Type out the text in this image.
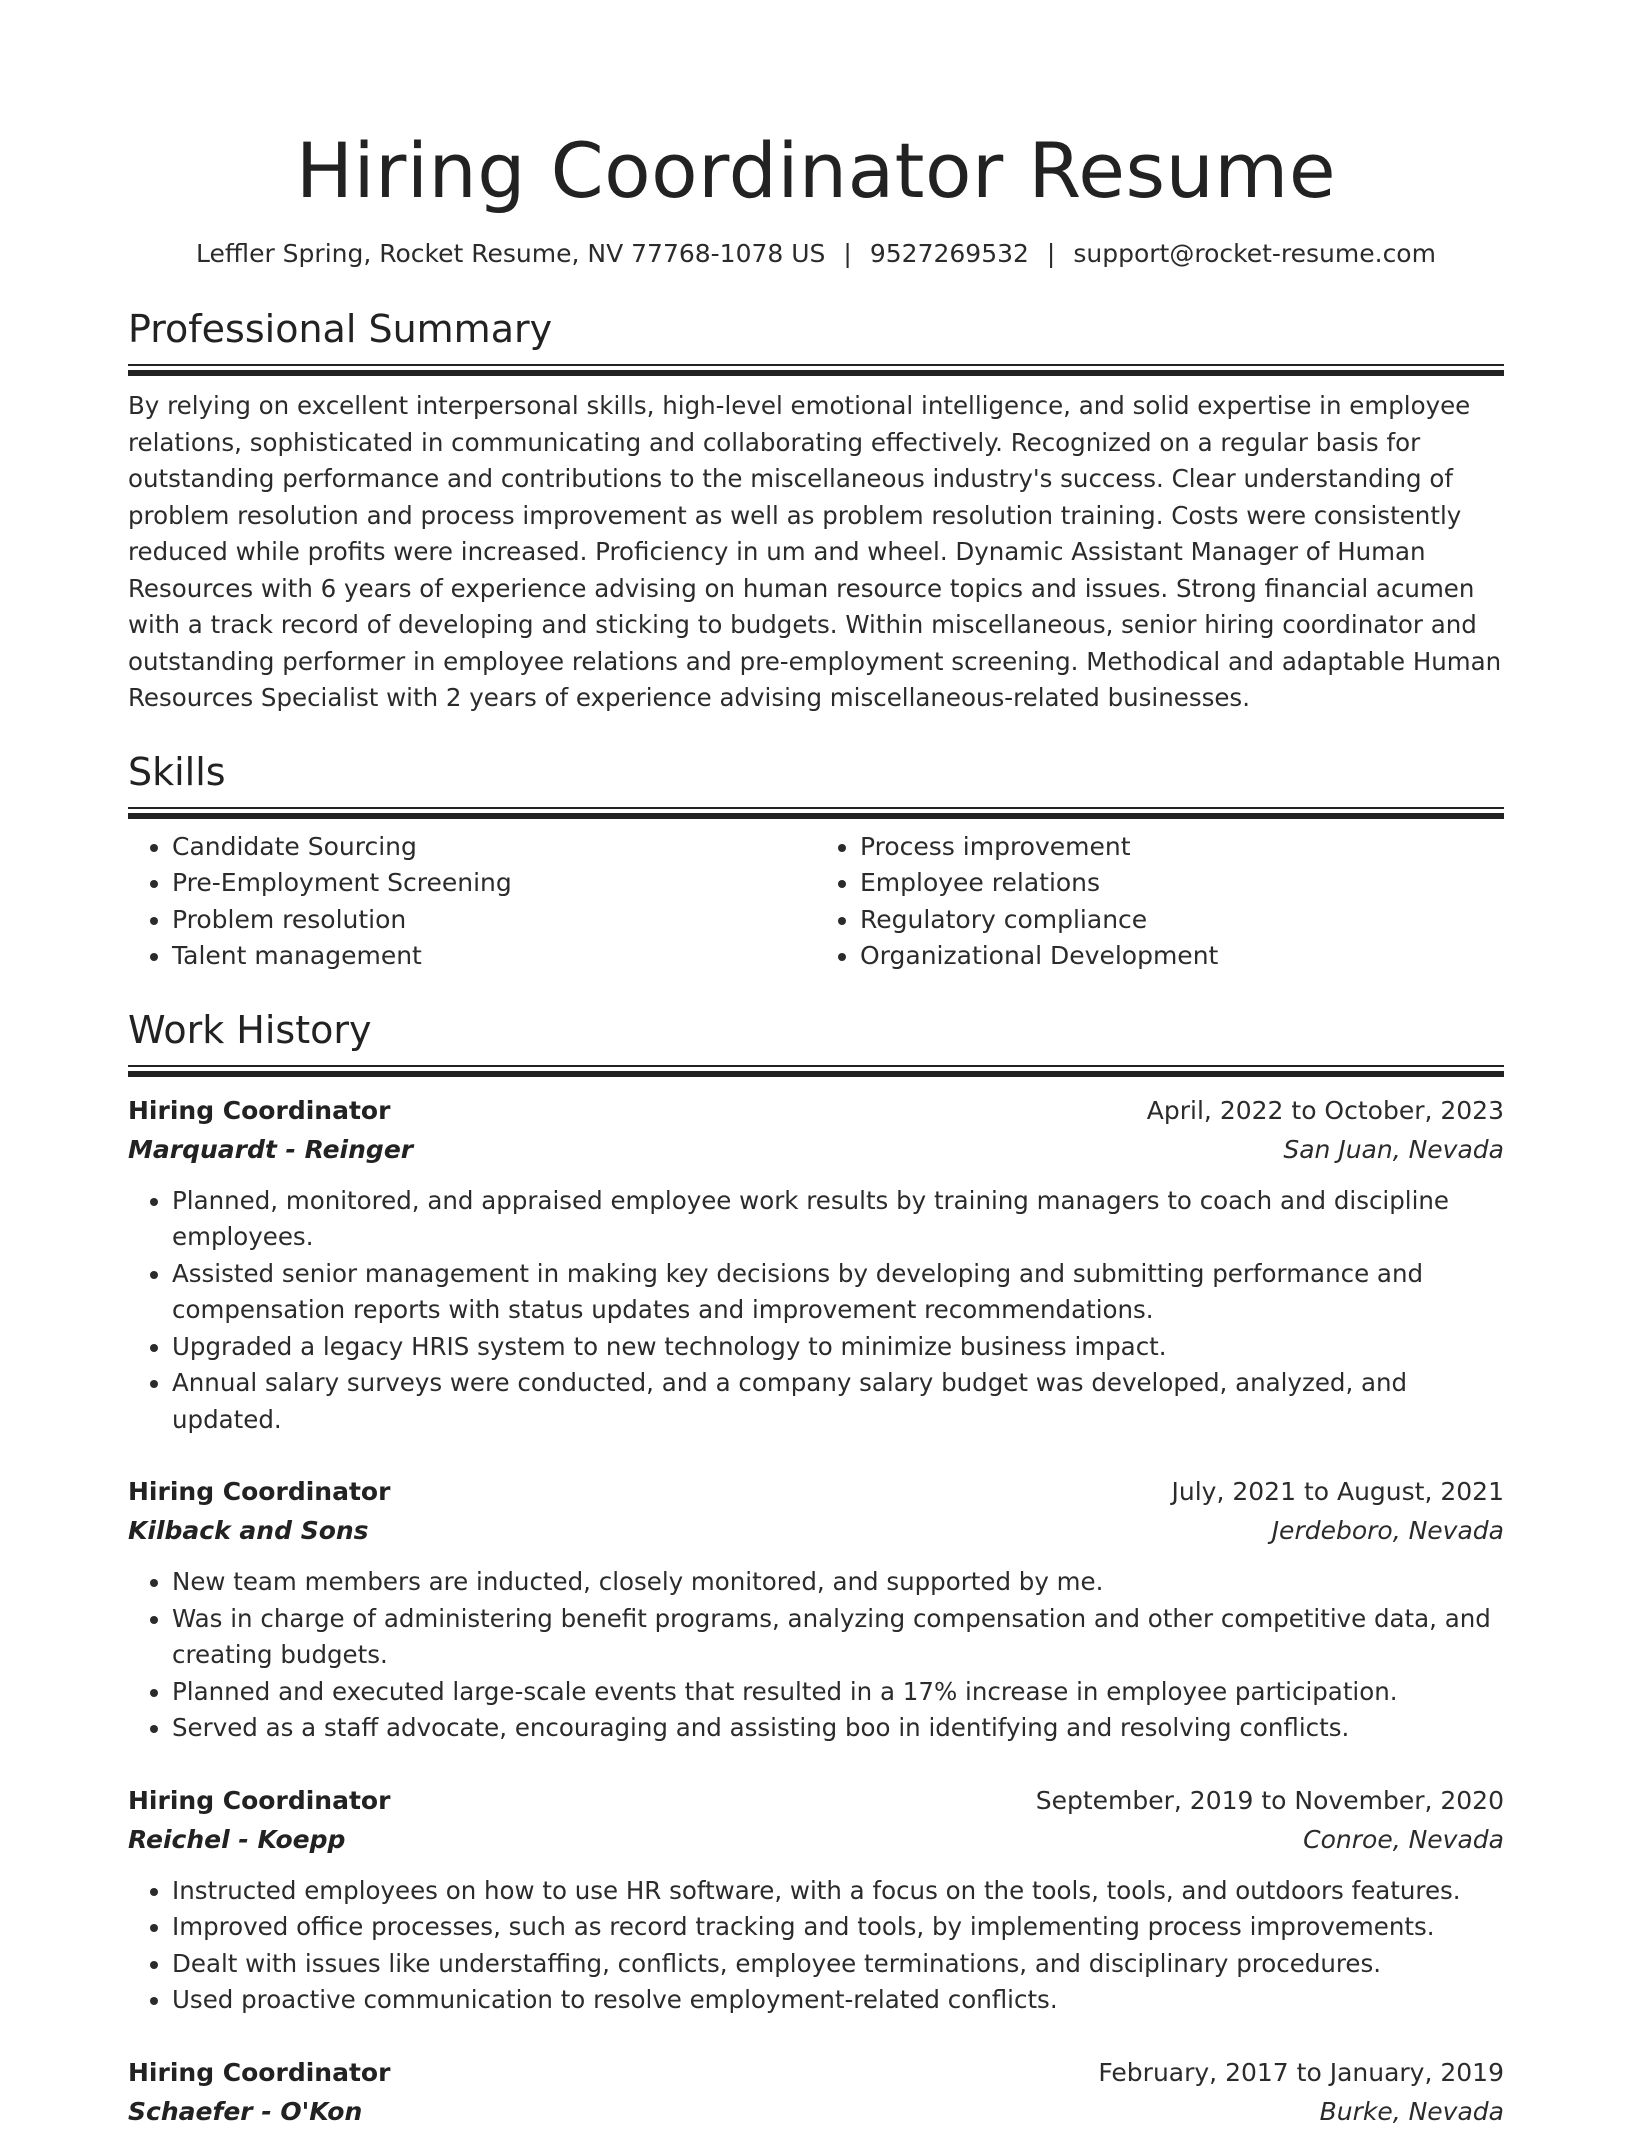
Hiring Coordinator Resume
Leffler Spring, Rocket Resume, NV 77768-1078 US | 9527269532 | support@rocket-resume.com
Professional Summary

By relying on excellent interpersonal skills, high-level emotional intelligence, and solid expertise in employee relations, sophisticated in communicating and collaborating effectively. Recognized on a regular basis for outstanding performance and contributions to the miscellaneous industry's success. Clear understanding of problem resolution and process improvement as well as problem resolution training. Costs were consistently reduced while profits were increased. Proficiency in um and wheel. Dynamic Assistant Manager of Human Resources with 6 years of experience advising on human resource topics and issues. Strong financial acumen with a track record of developing and sticking to budgets. Within miscellaneous, senior hiring coordinator and outstanding performer in employee relations and pre-employment screening. Methodical and adaptable Human Resources Specialist with 2 years of experience advising miscellaneous-related businesses.

Skills
• Candidate Sourcing
• Pre-Employment Screening
• Problem resolution
• Talent management
• Process improvement
• Employee relations
• Regulatory compliance
• Organizational Development
Work History
Hiring Coordinator	April, 2022 to October, 2023
Marquardt - Reinger	San Juan, Nevada
• Planned, monitored, and appraised employee work results by training managers to coach and discipline employees.
• Assisted senior management in making key decisions by developing and submitting performance and compensation reports with status updates and improvement recommendations.
• Upgraded a legacy HRIS system to new technology to minimize business impact.
• Annual salary surveys were conducted, and a company salary budget was developed, analyzed, and updated.
Hiring Coordinator	July, 2021 to August, 2021
Kilback and Sons	Jerdeboro, Nevada
• New team members are inducted, closely monitored, and supported by me.
• Was in charge of administering benefit programs, analyzing compensation and other competitive data, and creating budgets.
• Planned and executed large-scale events that resulted in a 17% increase in employee participation.
• Served as a staff advocate, encouraging and assisting boo in identifying and resolving conflicts.
Hiring Coordinator	September, 2019 to November, 2020
Reichel - Koepp	Conroe, Nevada
• Instructed employees on how to use HR software, with a focus on the tools, tools, and outdoors features.
• Improved office processes, such as record tracking and tools, by implementing process improvements.
• Dealt with issues like understaffing, conflicts, employee terminations, and disciplinary procedures.
• Used proactive communication to resolve employment-related conflicts.
Hiring Coordinator	February, 2017 to January, 2019
Schaefer - O'Kon	Burke, Nevada
